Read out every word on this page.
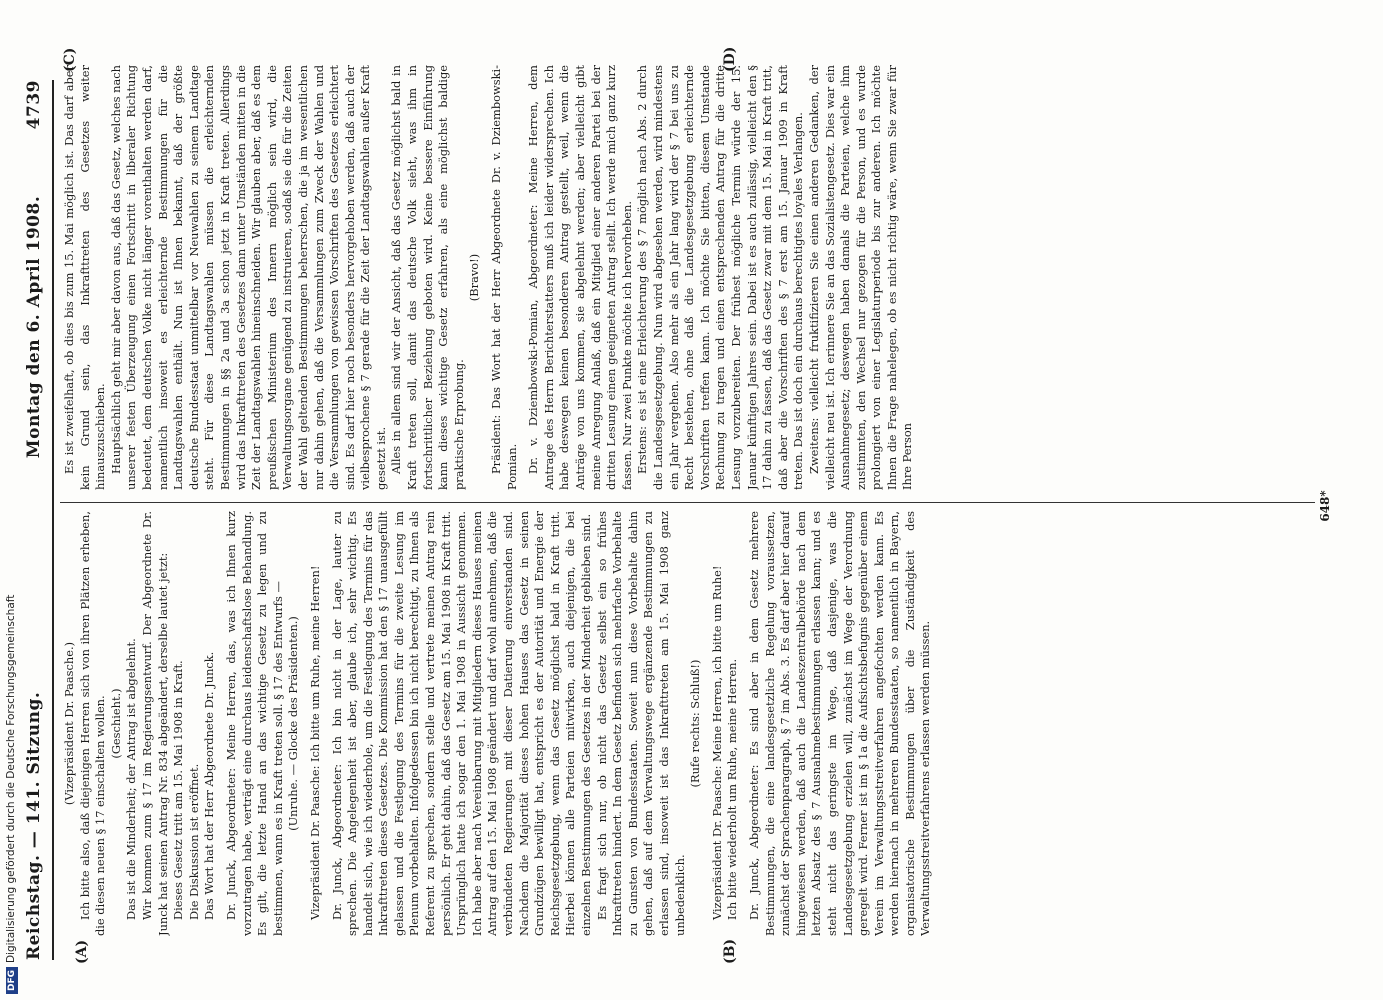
Reichstag. — 141. Sitzung.
Montag den 6. April 1908. 4739
(A)	(B)
(C)	(D)

(Vizepräsident Dr. Paasche.) Ich bitte also, daß diejenigen Herren sich von ihren Plätzen erheben, die diesen neuen § 17 einschalten wollen. (Geschieht.) Das ist die Minderheit; der Antrag ist abgelehnt. Wir kommen zum § 17 im Regierungsentwurf. Der Abgeordnete Dr. Junck hat seinen Antrag Nr. 834 abgeändert, derselbe lautet jetzt: Dieses Gesetz tritt am 15. Mai 1908 in Kraft. Die Diskussion ist eröffnet. Das Wort hat der Herr Abgeordnete Dr. Junck. Dr. Junck, Abgeordneter: Meine Herren, das, was ich Ihnen kurz vorzutragen habe, verträgt eine durchaus leidenschaftslose Behandlung. Es gilt, die letzte Hand an das wichtige Gesetz zu legen und zu bestimmen, wann es in Kraft treten soll. § 17 des Entwurfs — (Unruhe. — Glocke des Präsidenten.) Vizepräsident Dr. Paasche: Ich bitte um Ruhe, meine Herren! Dr. Junck, Abgeordneter: Ich bin nicht in der Lage, lauter zu sprechen. Die Angelegenheit ist aber, glaube ich, sehr wichtig. Es handelt sich, wie ich wiederhole, um die Festlegung des Termins für das Inkrafttreten dieses Gesetzes. Die Kommission hat den § 17 unausgefüllt gelassen und die Festlegung des Termins für die zweite Lesung im Plenum vorbehalten. Infolgedessen bin ich nicht berechtigt, zu Ihnen als Referent zu sprechen, sondern stelle und vertrete meinen Antrag rein persönlich. Er geht dahin, daß das Gesetz am 15. Mai 1908 in Kraft tritt. Ursprünglich hatte ich sogar den 1. Mai 1908 in Aussicht genommen. Ich habe aber nach Vereinbarung mit Mitgliedern dieses Hauses meinen Antrag auf den 15. Mai 1908 geändert und darf wohl annehmen, daß die verbündeten Regierungen mit dieser Datierung einverstanden sind. Nachdem die Majorität dieses hohen Hauses das Gesetz in seinen Grundzügen bewilligt hat, entspricht es der Autorität und Energie der Reichsgesetzgebung, wenn das Gesetz möglichst bald in Kraft tritt. Hierbei können alle Parteien mitwirken, auch diejenigen, die bei einzelnen Bestimmungen des Gesetzes in der Minderheit geblieben sind. Es fragt sich nur, ob nicht das Gesetz selbst ein so frühes Inkrafttreten hindert. In dem Gesetz befinden sich mehrfache Vorbehalte zu Gunsten von Bundesstaaten. Soweit nun diese Vorbehalte dahin gehen, daß auf dem Verwaltungswege ergänzende Bestimmungen zu erlassen sind, insoweit ist das Inkrafttreten am 15. Mai 1908 ganz unbedenklich.

(Rufe rechts: Schluß!) Vizepräsident Dr. Paasche: Meine Herren, ich bitte um Ruhe! Ich bitte wiederholt um Ruhe, meine Herren. Dr. Junck, Abgeordneter: Es sind aber in dem Gesetz mehrere Bestimmungen, die eine landesgesetzliche Regelung voraussetzen, zunächst der Sprachenparagraph, § 7 im Abs. 3. Es darf aber hier darauf hingewiesen werden, daß auch die Landeszentralbehörde nach dem letzten Absatz des § 7 Ausnahmebestimmungen erlassen kann; und es steht nicht das geringste im Wege, daß dasjenige, was die Landesgesetzgebung erzielen will, zunächst im Wege der Verordnung geregelt wird. Ferner ist im § 1a die Aufsichtsbefugnis gegenüber einem Verein im Verwaltungsstreitverfahren angefochten werden kann. Es werden hiernach in mehreren Bundesstaaten, so namentlich in Bayern, organisatorische Bestimmungen über die Zuständigkeit des Verwaltungsstreitverfahrens erlassen werden müssen.

Es ist zweifelhaft, ob dies bis zum 15. Mai möglich ist. Das darf aber kein Grund sein, das Inkrafttreten des Gesetzes weiter hinauszuschieben. Hauptsächlich geht mir aber davon aus, daß das Gesetz, welches nach unserer festen Überzeugung einen Fortschritt in liberaler Richtung bedeutet, dem deutschen Volke nicht länger vorenthalten werden darf, namentlich insoweit es erleichternde Bestimmungen für die Landtagswahlen enthält. Nun ist Ihnen bekannt, daß der größte deutsche Bundesstaat unmittelbar vor Neuwahlen zu seinem Landtage steht. Für diese Landtagswahlen müssen die erleichternden Bestimmungen in §§ 2a und 3a schon jetzt in Kraft treten. Allerdings wird das Inkrafttreten des Gesetzes dann unter Umständen mitten in die Zeit der Landtagswahlen hineinschneiden. Wir glauben aber, daß es dem preußischen Ministerium des Innern möglich sein wird, die Verwaltungsorgane genügend zu instruieren, sodaß sie die für die Zeiten der Wahl geltenden Bestimmungen beherrschen, die ja im wesentlichen nur dahin gehen, daß die Versammlungen zum Zweck der Wahlen und die Versammlungen von gewissen Vorschriften des Gesetzes erleichtert sind. Es darf hier noch besonders hervorgehoben werden, daß auch der vielbesprochene § 7 gerade für die Zeit der Landtagswahlen außer Kraft gesetzt ist. Alles in allem sind wir der Ansicht, daß das Gesetz möglichst bald in Kraft treten soll, damit das deutsche Volk sieht, was ihm in fortschrittlicher Beziehung geboten wird. Keine bessere Einführung kann dieses wichtige Gesetz erfahren, als eine möglichst baldige praktische Erprobung.

(Bravo!) Präsident: Das Wort hat der Herr Abgeordnete Dr. v. Dziembowski-Pomian. Dr. v. Dziembowski-Pomian, Abgeordneter: Meine Herren, dem Antrage des Herrn Berichterstatters muß ich leider widersprechen. Ich habe deswegen keinen besonderen Antrag gestellt, weil, wenn die Anträge von uns kommen, sie abgelehnt werden; aber vielleicht gibt meine Anregung Anlaß, daß ein Mitglied einer anderen Partei bei der dritten Lesung einen geeigneten Antrag stellt. Ich werde mich ganz kurz fassen. Nur zwei Punkte möchte ich hervorheben. Erstens: es ist eine Erleichterung des § 7 möglich nach Abs. 2 durch die Landesgesetzgebung. Nun wird abgesehen werden, wird mindestens ein Jahr vergehen. Also mehr als ein Jahr lang wird der § 7 bei uns zu Recht bestehen, ohne daß die Landesgesetzgebung erleichternde Vorschriften treffen kann. Ich möchte Sie bitten, diesem Umstande Rechnung zu tragen und einen entsprechenden Antrag für die dritte Lesung vorzubereiten. Der frühest mögliche Termin würde der 15. Januar künftigen Jahres sein. Dabei ist es auch zulässig, vielleicht den § 17 dahin zu fassen, daß das Gesetz zwar mit dem 15. Mai in Kraft tritt, daß aber die Vorschriften des § 7 erst am 15. Januar 1909 in Kraft treten. Das ist doch ein durchaus berechtigtes loyales Verlangen. Zweitens: vielleicht fruktifizieren Sie einen anderen Gedanken, der vielleicht neu ist. Ich erinnere Sie an das Sozialistengesetz. Dies war ein Ausnahmegesetz; deswegen haben damals die Parteien, welche ihm zustimmten, den Wechsel nur gezogen für die Person, und es wurde prolongiert von einer Legislaturperiode bis zur anderen. Ich möchte Ihnen die Frage nahelegen, ob es nicht richtig wäre, wenn Sie zwar für Ihre Person

648*
DFGDigitalisierung gefördert durch die Deutsche Forschungsgemeinschaft
